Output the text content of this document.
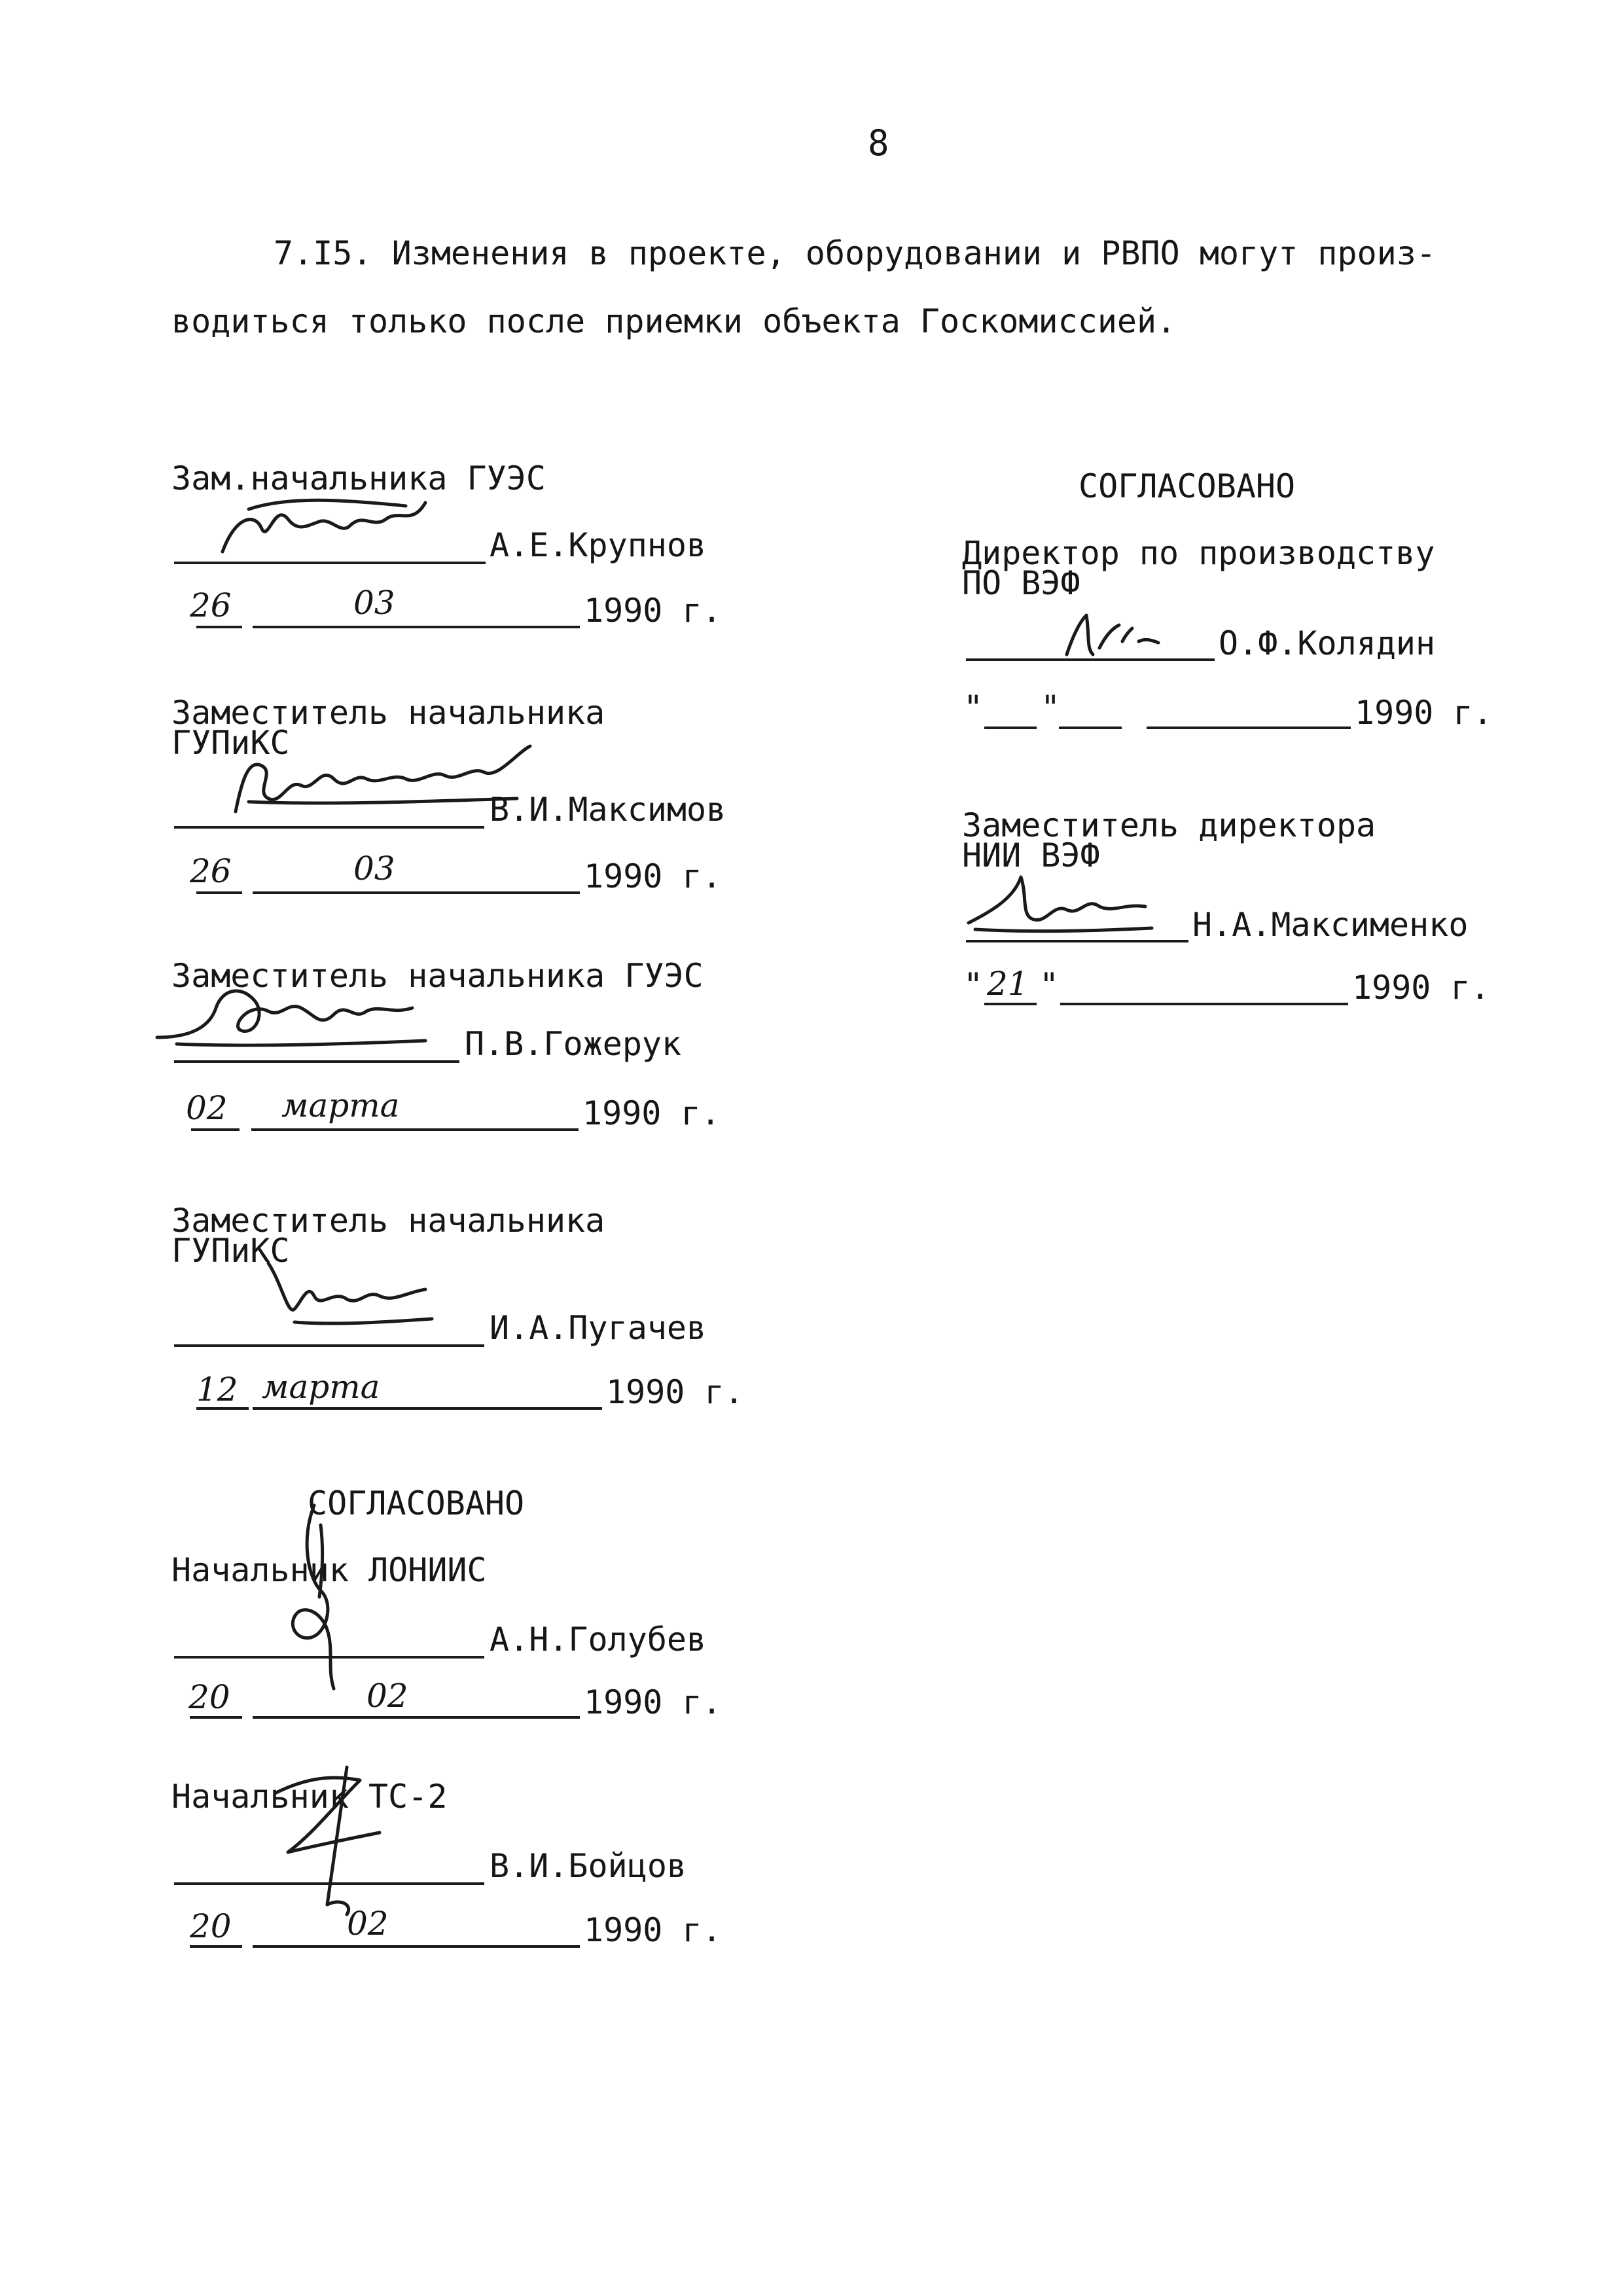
8
7.I5. Изменения в проекте, оборудовании и РВПО могут произ-
водиться только после приемки объекта Госкомиссией.
Зам.начальника ГУЭС
А.Е.Крупнов
26	03	1990 г.
Заместитель начальника
ГУПиКС
В.И.Максимов
26	03	1990 г.
Заместитель начальника ГУЭС
П.В.Гожерук
02 марта	1990 г.
Заместитель начальника
ГУПиКС
И.А.Пугачев
12 марта	1990 г.
СОГЛАСОВАНО
Начальник ЛОНИИС
А.Н.Голубев
20	02	1990 г.
Начальник ТС-2
В.И.Бойцов
20	02	1990 г.
СОГЛАСОВАНО
Директор по производству
ПО ВЭФ
О.Ф.Колядин
" "	1990 г.
Заместитель директора
НИИ ВЭФ
Н.А.Максименко
" 21 "	1990 г.
